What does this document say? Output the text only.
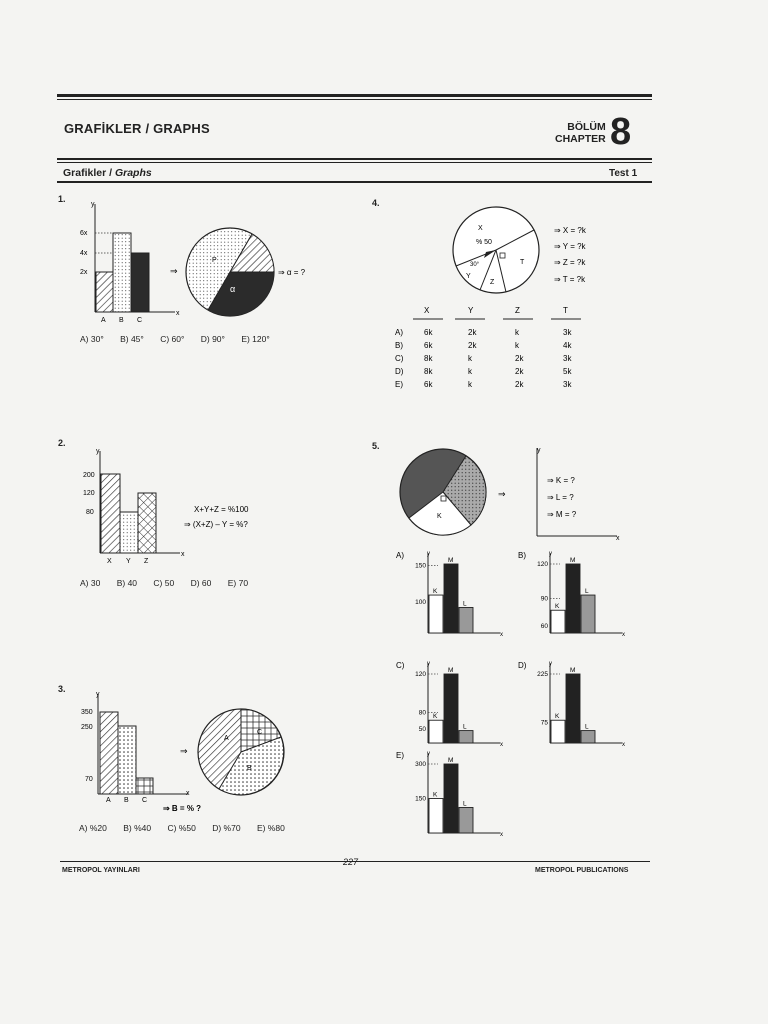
GRAFİKLER / GRAPHS	BÖLÜM
CHAPTER 8
Grafikler / Graphs	Test 1
1.
y
x
6x
4x
2x
A B C
⇒
P
α
⇒ α = ?
A) 30° B) 45° C) 60° D) 90° E) 120°
2.
y
x
200
120
80
X Y Z
X+Y+Z = %100
⇒ (X+Z) – Y = %?
A) 30 B) 40 C) 50 D) 60 E) 70
3.
y
x
350
250
70
A B C
⇒
A
C
B
⇒ B = % ?
A) %20 B) %40 C) %50 D) %70 E) %80
4.
X
% 50
T
30°
Y
Z
⇒ X = ?k
⇒ Y = ?k
⇒ Z = ?k
⇒ T = ?k
X	Y	Z	T
A)	6k	2k	k	3k
B)	6k	2k	k	4k
C)	8k	k	2k	3k
D)	8k	k	2k	5k
E)	6k	k	2k	3k
5.
K
⇒
y
x
⇒ K = ?
⇒ L = ?
⇒ M = ?
A)	y
x
150
100
K
M
L
B)	y
x
120
90
60
K
M
L
C)	y
x
120
80
50
K
M
L
D)	y
x
225
75
K
M
L
E)	y
x
300
150
K
M
L
METROPOL YAYINLARI
227
METROPOL PUBLICATIONS
